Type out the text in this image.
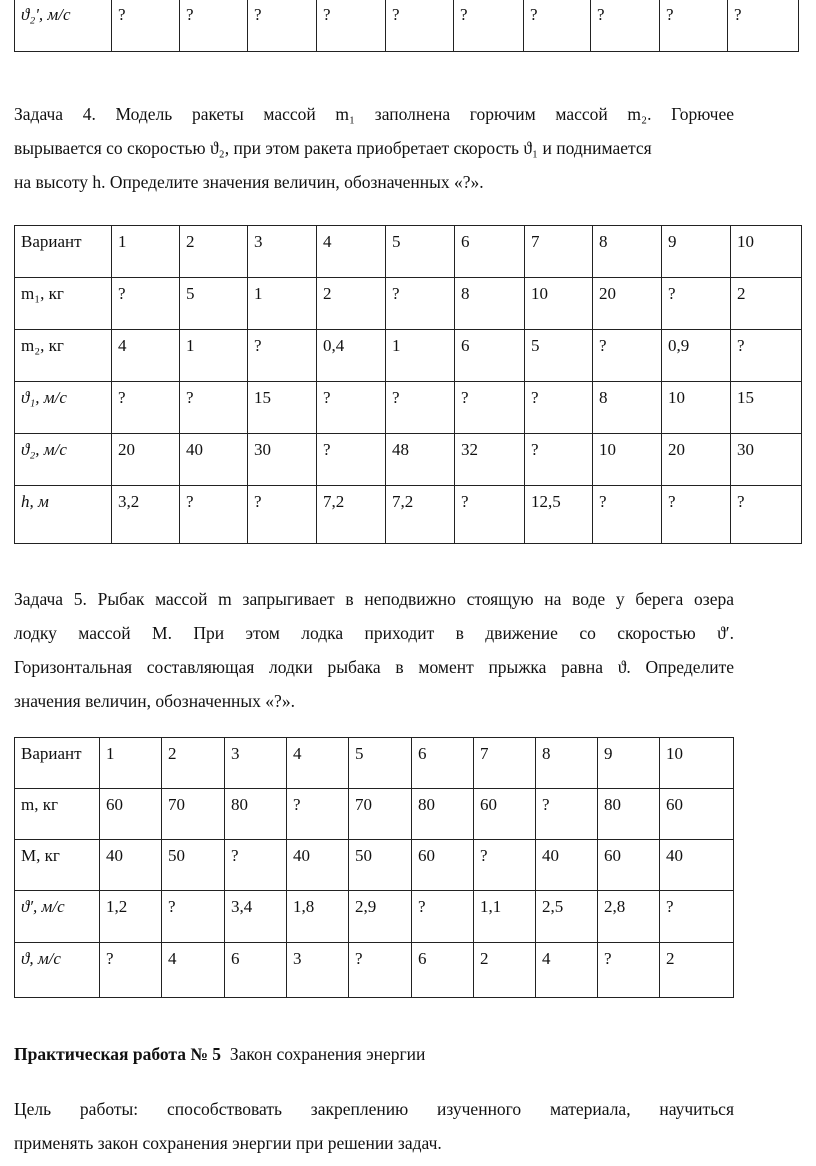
ϑ₂', м/с	?	?	?	?	?	?	?	?	?	?
Задача 4. Модель ракеты массой m₁ заполнена горючим массой m₂. Горючее
вырывается со скоростью ϑ₂, при этом ракета приобретает скорость ϑ₁ и поднимается
на высоту h. Определите значения величин, обозначенных «?».
Вариант	1	2	3	4	5	6	7	8	9	10
m₁, кг	?	5	1	2	?	8	10	20	?	2
m₂, кг	4	1	?	0,4	1	6	5	?	0,9	?
ϑ₁, м/с	?	?	15	?	?	?	?	8	10	15
ϑ₂, м/с	20	40	30	?	48	32	?	10	20	30
h, м	3,2	?	?	7,2	7,2	?	12,5	?	?	?
Задача 5. Рыбак массой m запрыгивает в неподвижно стоящую на воде у берега озера
лодку массой М. При этом лодка приходит в движение со скоростью ϑ′.
Горизонтальная составляющая лодки рыбака в момент прыжка равна ϑ. Определите
значения величин, обозначенных «?».
Вариант	1	2	3	4	5	6	7	8	9	10
m, кг	60	70	80	?	70	80	60	?	80	60
М, кг	40	50	?	40	50	60	?	40	60	40
ϑ′, м/с	1,2	?	3,4	1,8	2,9	?	1,1	2,5	2,8	?
ϑ, м/с	?	4	6	3	?	6	2	4	?	2
Практическая работа № 5 Закон сохранения энергии
Цель работы: способствовать закреплению изученного материала, научиться
применять закон сохранения энергии при решении задач.
